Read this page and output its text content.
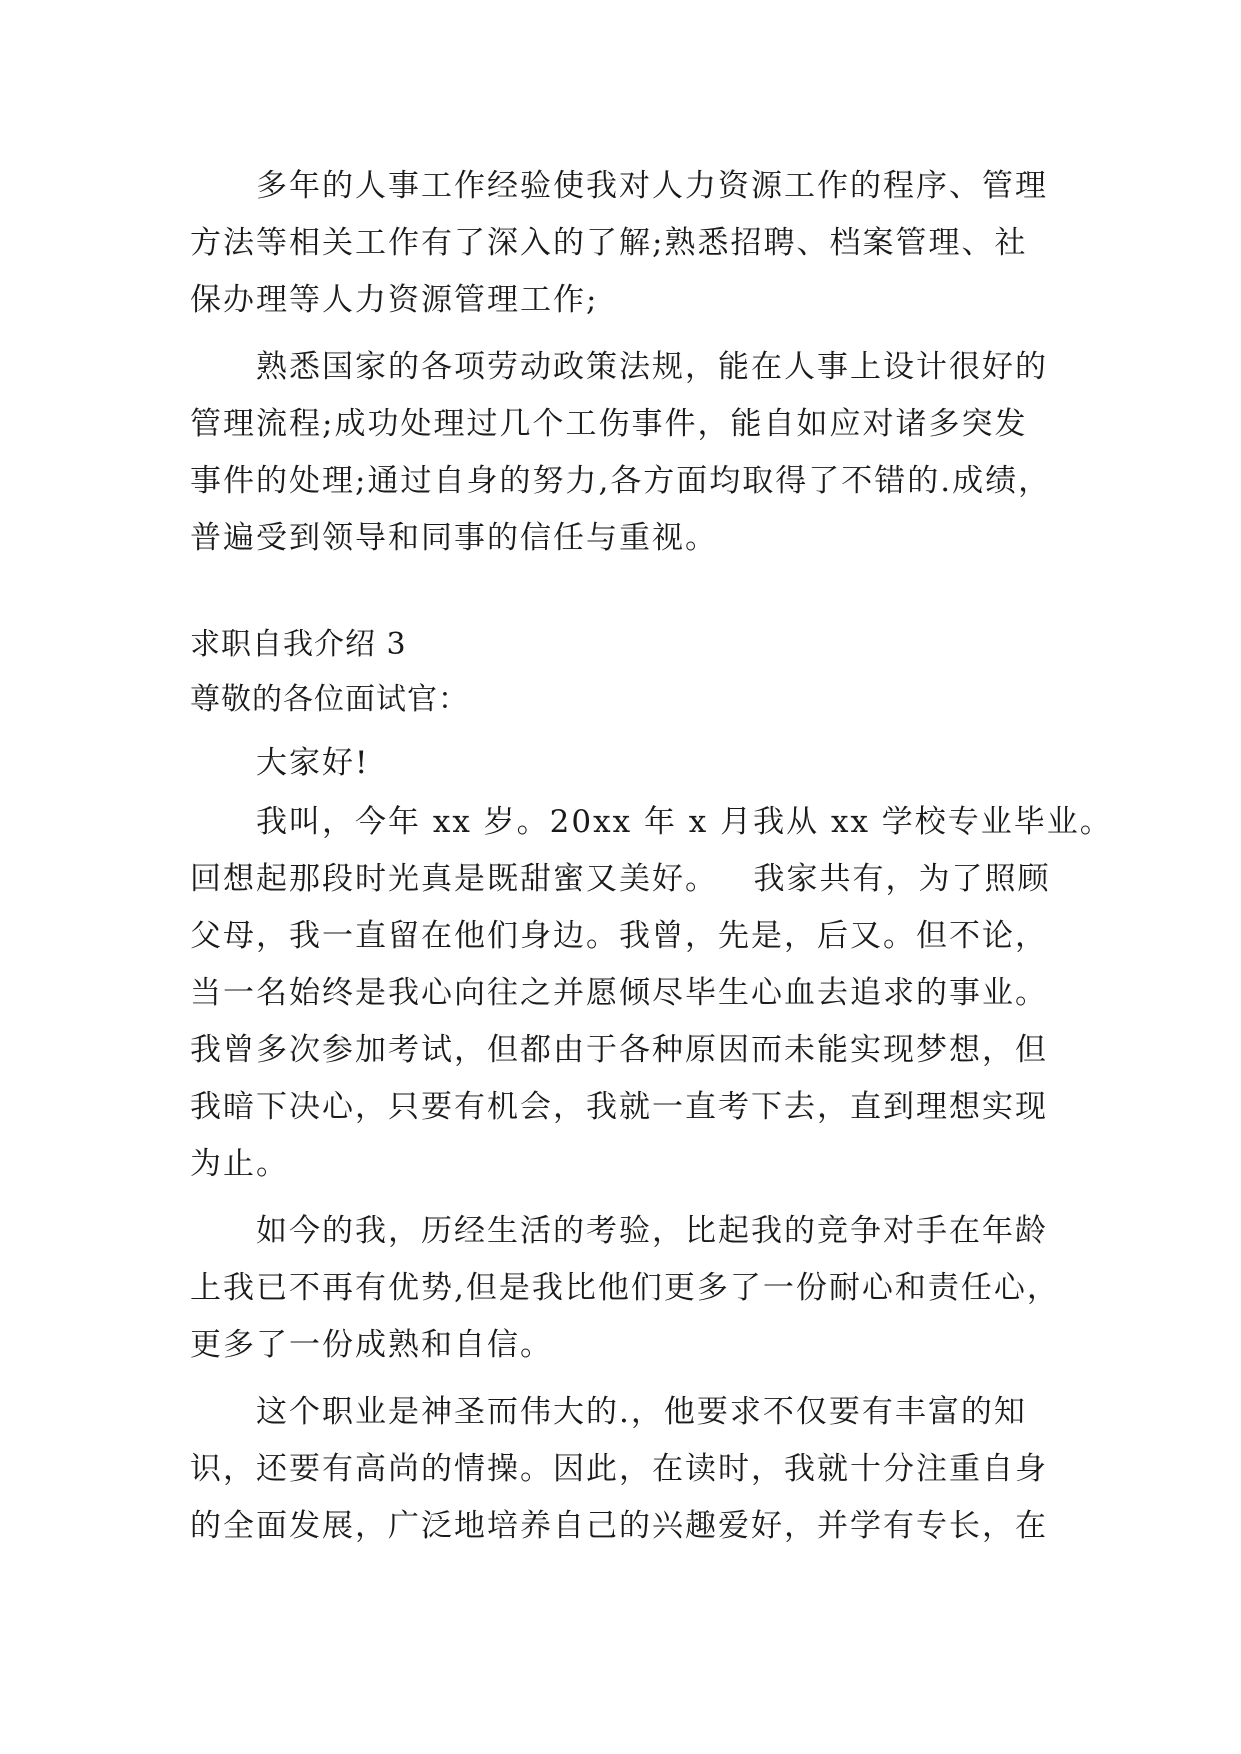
多年的人事工作经验使我对人力资源工作的程序、管理
方法等相关工作有了深入的了解;熟悉招聘、档案管理、社
保办理等人力资源管理工作;
熟悉国家的各项劳动政策法规，能在人事上设计很好的
管理流程;成功处理过几个工伤事件，能自如应对诸多突发
事件的处理;通过自身的努力,各方面均取得了不错的.成绩，
普遍受到领导和同事的信任与重视。
求职自我介绍 3
尊敬的各位面试官：
大家好!
我叫，今年 xx 岁。20xx 年 x 月我从 xx 学校专业毕业。
回想起那段时光真是既甜蜜又美好。   我家共有，为了照顾
父母，我一直留在他们身边。我曾，先是，后又。但不论，
当一名始终是我心向往之并愿倾尽毕生心血去追求的事业。
我曾多次参加考试，但都由于各种原因而未能实现梦想，但
我暗下决心，只要有机会，我就一直考下去，直到理想实现
为止。
如今的我，历经生活的考验，比起我的竞争对手在年龄
上我已不再有优势,但是我比他们更多了一份耐心和责任心，
更多了一份成熟和自信。
这个职业是神圣而伟大的.，他要求不仅要有丰富的知
识，还要有高尚的情操。因此，在读时，我就十分注重自身
的全面发展，广泛地培养自己的兴趣爱好，并学有专长，在
